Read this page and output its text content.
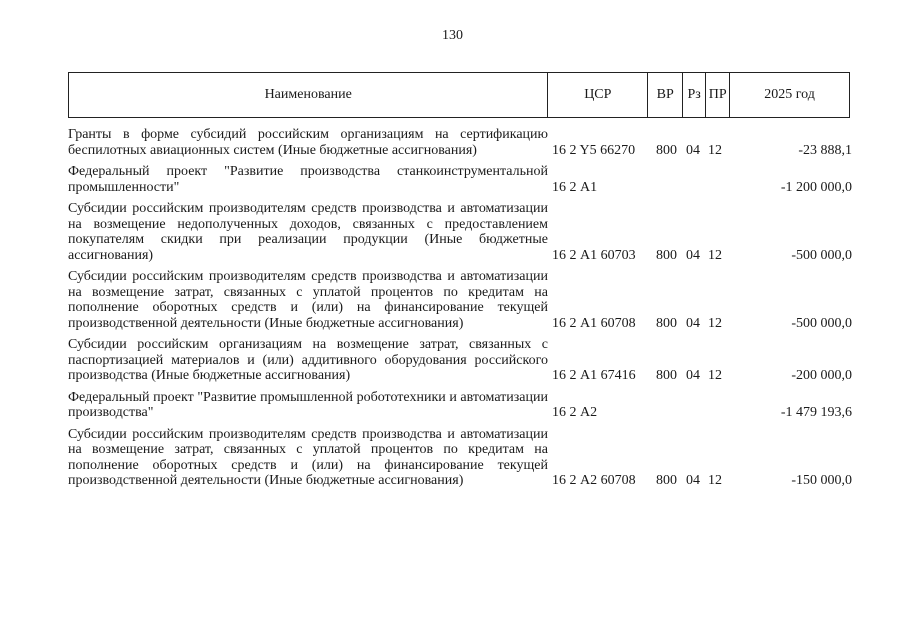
130
Наименование	ЦСР	ВР Рз ПР	2025 год
Гранты в форме субсидий российским организациям на сертификацию беспилотных авиационных систем (Иные бюджетные ассигнования)	16 2 Y5 66270	800 04 12	-23 888,1
Федеральный проект "Развитие производства станкоинструментальной промышленности"	16 2 А1	-1 200 000,0
Субсидии российским производителям средств производства и автоматизации на возмещение недополученных доходов, связанных с предоставлением покупателям скидки при реализации продукции (Иные бюджетные ассигнования)	16 2 А1 60703	800 04 12	-500 000,0
Субсидии российским производителям средств производства и автоматизации на возмещение затрат, связанных с уплатой процентов по кредитам на пополнение оборотных средств и (или) на финансирование текущей производственной деятельности (Иные бюджетные ассигнования)	16 2 А1 60708	800 04 12	-500 000,0
Субсидии российским организациям на возмещение затрат, связанных с паспортизацией материалов и (или) аддитивного оборудования российского производства (Иные бюджетные ассигнования)	16 2 А1 67416	800 04 12	-200 000,0
Федеральный проект "Развитие промышленной робототехники и автоматизации производства"	16 2 А2	-1 479 193,6
Субсидии российским производителям средств производства и автоматизации на возмещение затрат, связанных с уплатой процентов по кредитам на пополнение оборотных средств и (или) на финансирование текущей производственной деятельности (Иные бюджетные ассигнования)	16 2 А2 60708	800 04 12	-150 000,0
